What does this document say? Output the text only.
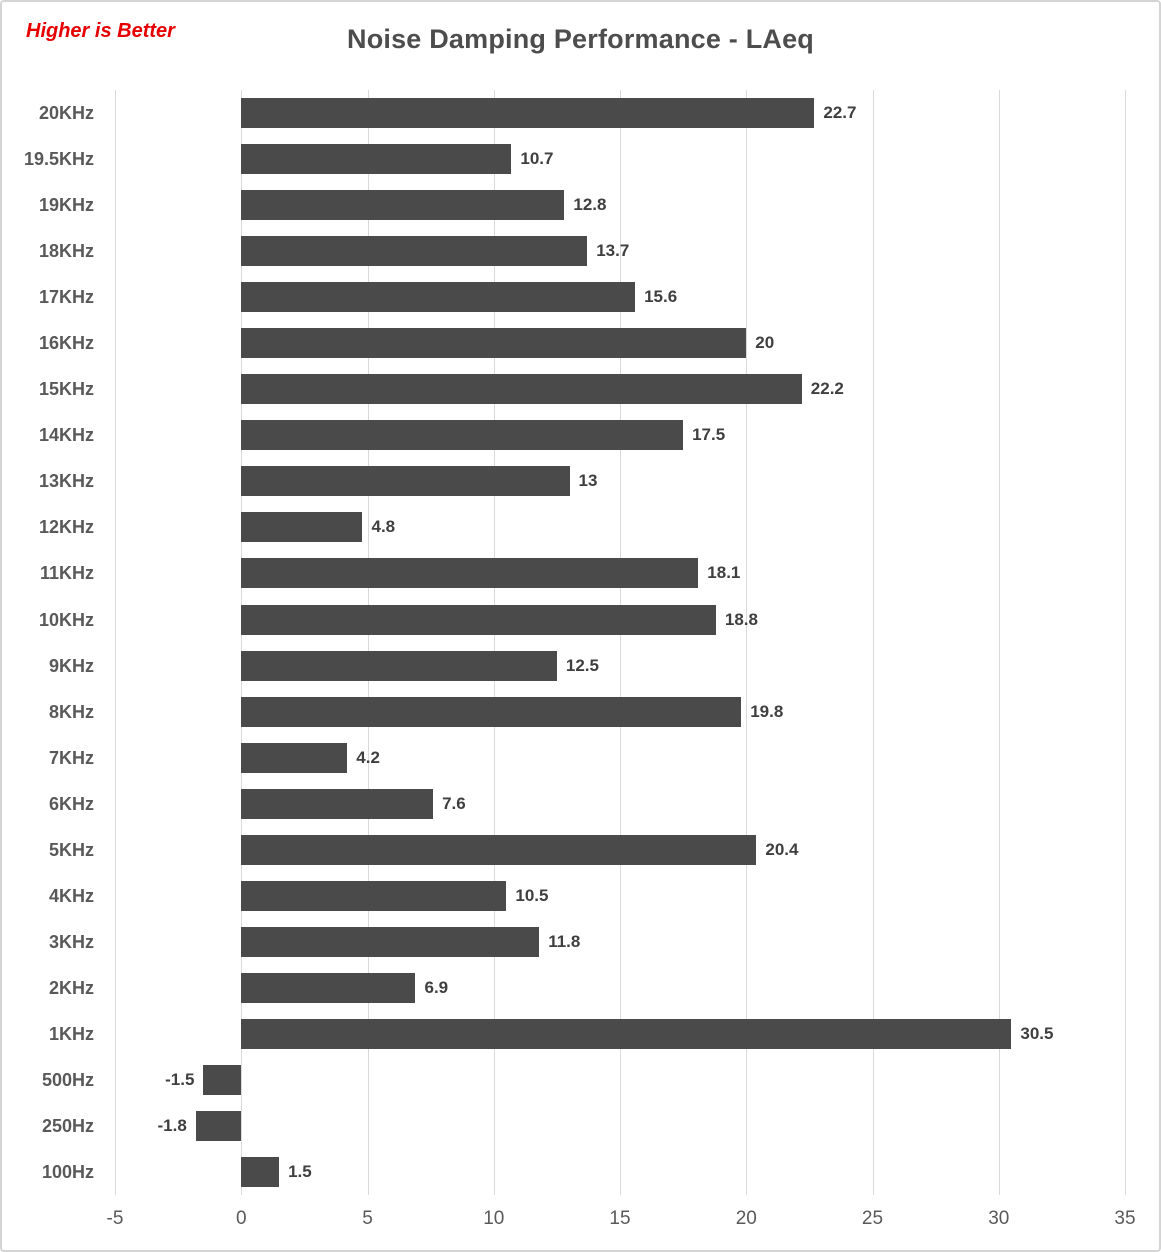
Higher is Better	Noise Damping Performance - LAeq
22.7
10.7
12.8
13.7
15.6
20
22.2
17.5
13
4.8
18.1
18.8
12.5
19.8
4.2
7.6
20.4
10.5
11.8
6.9
30.5
-1.5
-1.8
1.5
20KHz
19.5KHz
19KHz
18KHz
17KHz
16KHz
15KHz
14KHz
13KHz
12KHz
11KHz
10KHz
9KHz
8KHz
7KHz
6KHz
5KHz
4KHz
3KHz
2KHz
1KHz
500Hz
250Hz
100Hz
-5	0	5	10	15	20	25	30	35
